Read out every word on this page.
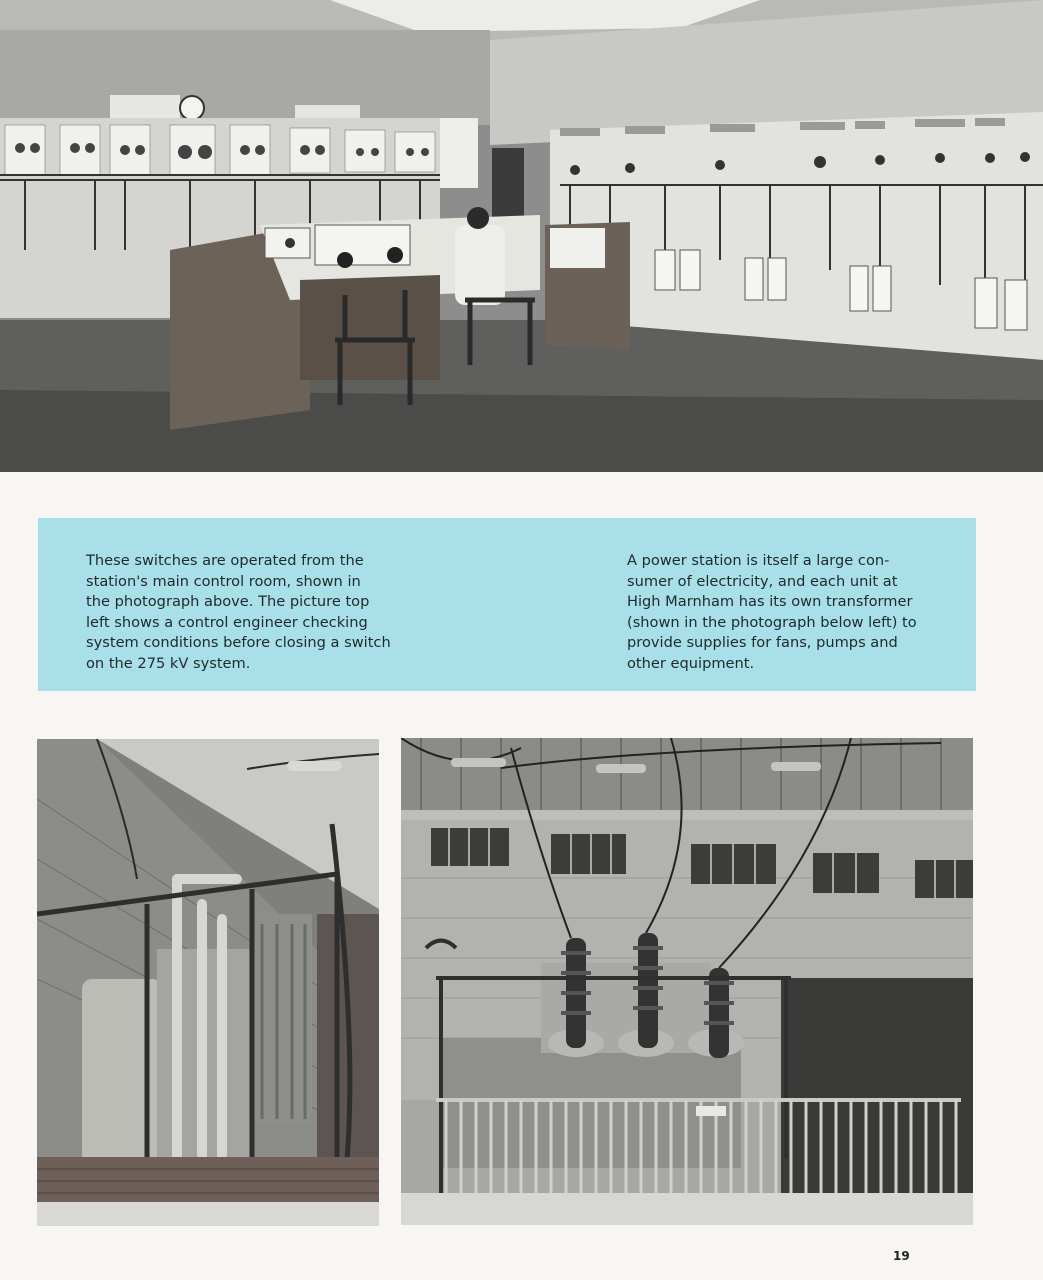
These switches are operated from the
station's main control room, shown in
the photograph above. The picture top
left shows a control engineer checking
system conditions before closing a switch
on the 275 kV system.

A power station is itself a large con-
sumer of electricity, and each unit at
High Marnham has its own transformer
(shown in the photograph below left) to
provide supplies for fans, pumps and
other equipment.

19
